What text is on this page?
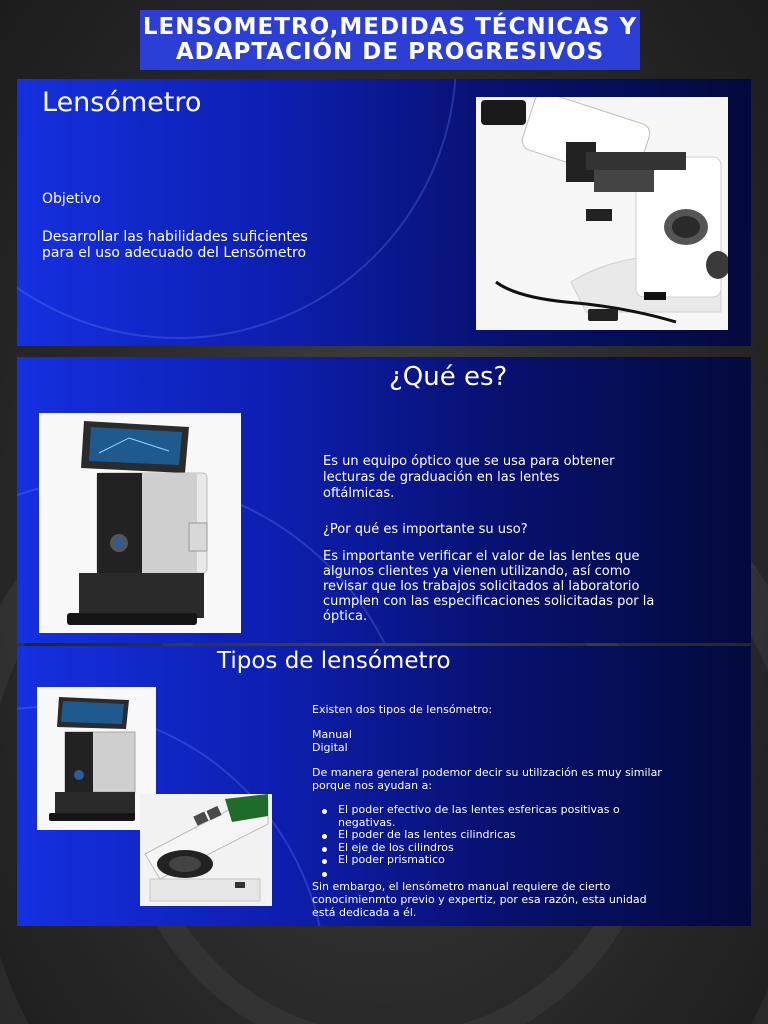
LENSOMETRO,MEDIDAS TÉCNICAS Y
ADAPTACIÓN DE PROGRESIVOS
Lensómetro
Objetivo
Desarrollar las habilidades suficientes
para el uso adecuado del Lensómetro
¿Qué es?
Es un equipo óptico que se usa para obtener
lecturas de graduación en las lentes
oftálmicas.
¿Por qué es importante su uso?
Es importante verificar el valor de las lentes que
algunos clientes ya vienen utilizando, así como
revisar que los trabajos solicitados al laboratorio
cumplen con las especificaciones solicitadas por la
óptica.
Tipos de lensómetro
Existen dos tipos de lensómetro:
Manual
Digital
De manera general podemor decir su utilización es muy similar
porque nos ayudan a:
El poder efectivo de las lentes esfericas positivas o
negativas.
El poder de las lentes cilindricas
El eje de los cilindros
El poder prismatico
Sin embargo, el lensómetro manual requiere de cierto
conocimienmto previo y expertiz, por esa razón, esta unidad
está dedicada a él.
